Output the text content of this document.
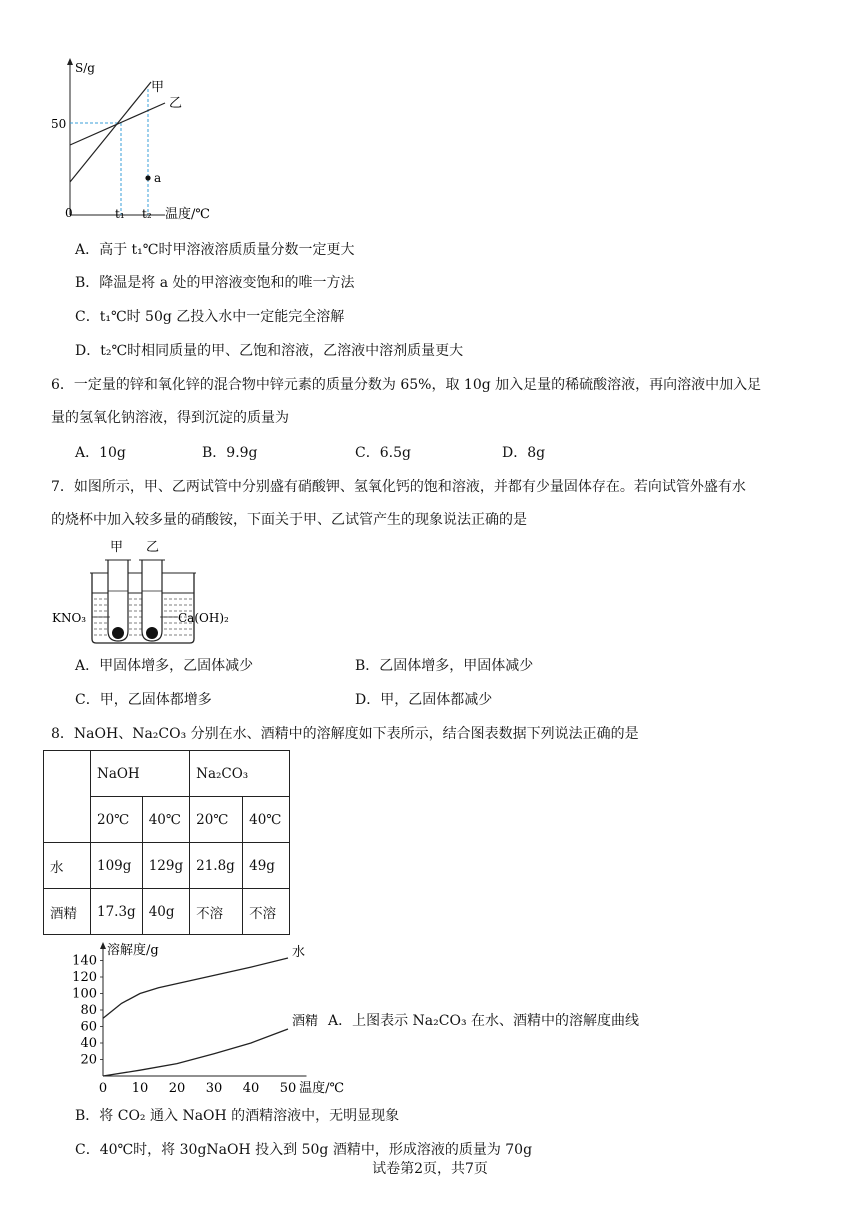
S/g
50
0	t₁ t₂ 温度/℃
甲
乙
a
A．高于 t₁℃时甲溶液溶质质量分数一定更大
B．降温是将 a 处的甲溶液变饱和的唯一方法
C．t₁℃时 50g 乙投入水中一定能完全溶解
D．t₂℃时相同质量的甲、乙饱和溶液，乙溶液中溶剂质量更大
6．一定量的锌和氧化锌的混合物中锌元素的质量分数为 65%，取 10g 加入足量的稀硫酸溶液，再向溶液中加入足
量的氢氧化钠溶液，得到沉淀的质量为
A．10g	B．9.9g	C．6.5g	D．8g
7．如图所示，甲、乙两试管中分别盛有硝酸钾、氢氧化钙的饱和溶液，并都有少量固体存在。若向试管外盛有水
的烧杯中加入较多量的硝酸铵，下面关于甲、乙试管产生的现象说法正确的是
甲 乙
KNO₃	Ca(OH)₂
A．甲固体增多，乙固体减少	B．乙固体增多，甲固体减少
C．甲，乙固体都增多	D．甲，乙固体都减少
8．NaOH、Na₂CO₃ 分别在水、酒精中的溶解度如下表所示，结合图表数据下列说法正确的是
	NaOH		Na₂CO₃	
	20℃	40℃	20℃	40℃
水	109g	129g	21.8g	49g
酒精	17.3g	40g	不溶	不溶
0 10 20 30 40 50
20
40
60
80
100
120
140
溶解度/g
温度/℃
水
酒精 A．上图表示 Na₂CO₃ 在水、酒精中的溶解度曲线
B．将 CO₂ 通入 NaOH 的酒精溶液中，无明显现象
C．40℃时，将 30gNaOH 投入到 50g 酒精中，形成溶液的质量为 70g
试卷第2页，共7页
